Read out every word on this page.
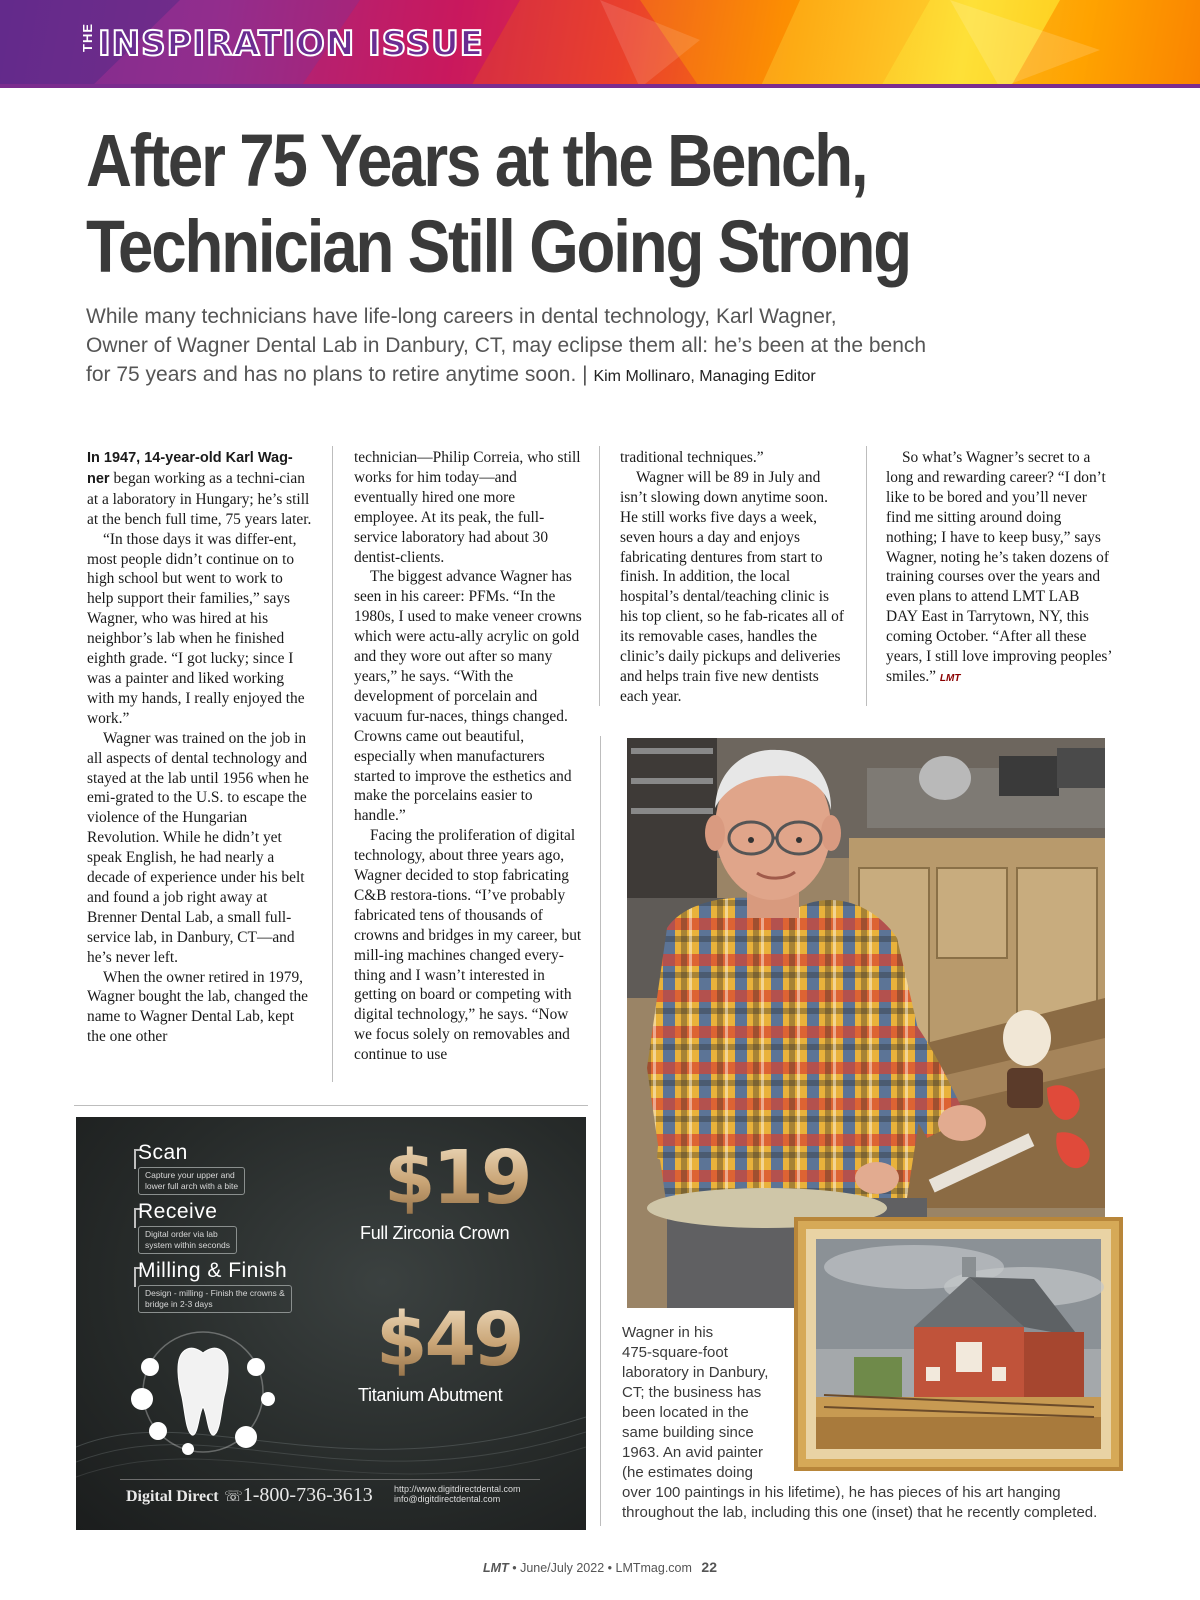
THE INSPIRATION ISSUE
After 75 Years at the Bench,
Technician Still Going Strong
While many technicians have life-long careers in dental technology, Karl Wagner,
Owner of Wagner Dental Lab in Danbury, CT, may eclipse them all: he’s been at the bench
for 75 years and has no plans to retire anytime soon. | Kim Mollinaro, Managing Editor

In 1947, 14-year-old Karl Wag-ner began working as a techni-cian at a laboratory in Hungary; he’s still at the bench full time, 75 years later.

“In those days it was differ-ent, most people didn’t continue on to high school but went to work to help support their families,” says Wagner, who was hired at his neighbor’s lab when he finished eighth grade. “I got lucky; since I was a painter and liked working with my hands, I really enjoyed the work.”

Wagner was trained on the job in all aspects of dental technology and stayed at the lab until 1956 when he emi-grated to the U.S. to escape the violence of the Hungarian Revolution. While he didn’t yet speak English, he had nearly a decade of experience under his belt and found a job right away at Brenner Dental Lab, a small full-service lab, in Danbury, CT—and he’s never left.

When the owner retired in 1979, Wagner bought the lab, changed the name to Wagner Dental Lab, kept the one other

technician—Philip Correia, who still works for him today—and eventually hired one more employee. At its peak, the full-service laboratory had about 30 dentist-clients.

The biggest advance Wagner has seen in his career: PFMs. “In the 1980s, I used to make veneer crowns which were actu-ally acrylic on gold and they wore out after so many years,” he says. “With the development of porcelain and vacuum fur-naces, things changed. Crowns came out beautiful, especially when manufacturers started to improve the esthetics and make the porcelains easier to handle.”

Facing the proliferation of digital technology, about three years ago, Wagner decided to stop fabricating C&B restora-tions. “I’ve probably fabricated tens of thousands of crowns and bridges in my career, but mill-ing machines changed every-thing and I wasn’t interested in getting on board or competing with digital technology,” he says. “Now we focus solely on removables and continue to use

traditional techniques.”

Wagner will be 89 in July and isn’t slowing down anytime soon. He still works five days a week, seven hours a day and enjoys fabricating dentures from start to finish. In addition, the local hospital’s dental/teaching clinic is his top client, so he fab-ricates all of its removable cases, handles the clinic’s daily pickups and deliveries and helps train five new dentists each year.

So what’s Wagner’s secret to a long and rewarding career? “I don’t like to be bored and you’ll never find me sitting around doing nothing; I have to keep busy,” says Wagner, noting he’s taken dozens of training courses over the years and even plans to attend LMT LAB DAY East in Tarrytown, NY, this coming October. “After all these years, I still love improving peoples’ smiles.” LMT

Scan
Capture your upper and
lower full arch with a bite
Receive
Digital order via lab
system within seconds
Milling & Finish
Design - milling - Finish the crowns &
bridge in 2-3 days
$19
Full Zirconia Crown
$49
Titanium Abutment
Digital Direct ☏1-800-736-3613 http://www.digitdirectdental.com
info@digitdirectdental.com
Wagner in his
475-square-foot
laboratory in Danbury,
CT; the business has
been located in the
same building since
1963. An avid painter
(he estimates doing
over 100 paintings in his lifetime), he has pieces of his art hanging
throughout the lab, including this one (inset) that he recently completed.
LMT • June/July 2022 • LMTmag.com 22
